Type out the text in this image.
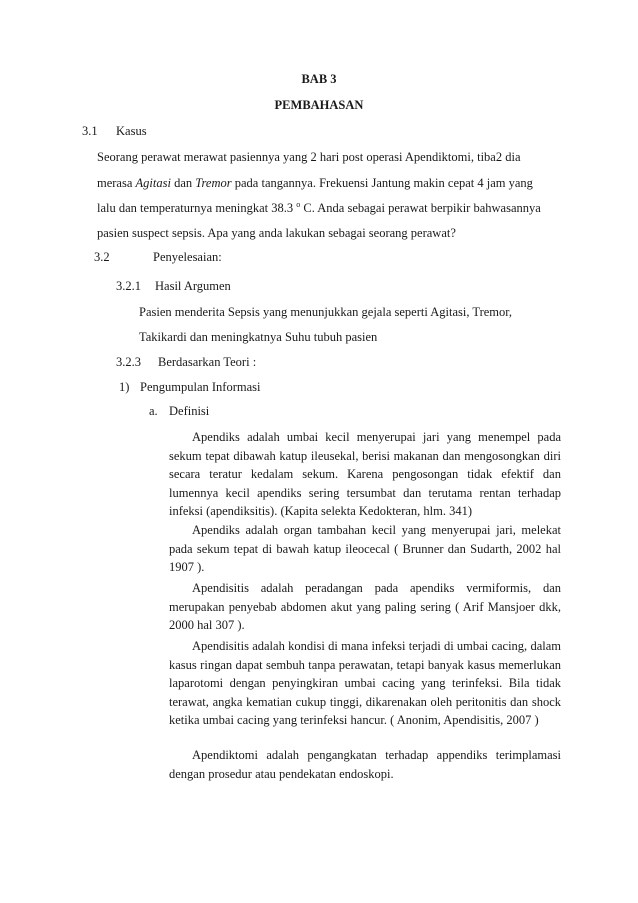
BAB 3
PEMBAHASAN
3.1 Kasus
Seorang perawat merawat pasiennya yang 2 hari post operasi Apendiktomi, tiba2 dia
merasa Agitasi dan Tremor pada tangannya. Frekuensi Jantung makin cepat 4 jam yang
lalu dan temperaturnya meningkat 38.3 $^o$ C. Anda sebagai perawat berpikir bahwasannya
pasien suspect sepsis. Apa yang anda lakukan sebagai seorang perawat?
3.2	Penyelesaian:
3.2.1 Hasil Argumen
Pasien menderita Sepsis yang menunjukkan gejala seperti Agitasi, Tremor,
Takikardi dan meningkatnya Suhu tubuh pasien
3.2.3 Berdasarkan Teori :
1) Pengumpulan Informasi
a. Definisi
Apendiks adalah umbai kecil menyerupai jari yang menempel pada sekum tepat dibawah katup ileusekal, berisi makanan dan mengosongkan diri secara teratur kedalam sekum. Karena pengosongan tidak efektif dan lumennya kecil apendiks sering tersumbat dan terutama rentan terhadap infeksi (apendiksitis). (Kapita selekta Kedokteran, hlm. 341)
Apendiks adalah organ tambahan kecil yang menyerupai jari, melekat pada sekum tepat di bawah katup ileocecal ( Brunner dan Sudarth, 2002 hal 1907 ).
Apendisitis adalah peradangan pada apendiks vermiformis, dan merupakan penyebab abdomen akut yang paling sering ( Arif Mansjoer dkk, 2000 hal 307 ).
Apendisitis adalah kondisi di mana infeksi terjadi di umbai cacing, dalam kasus ringan dapat sembuh tanpa perawatan, tetapi banyak kasus memerlukan laparotomi dengan penyingkiran umbai cacing yang terinfeksi. Bila tidak terawat, angka kematian cukup tinggi, dikarenakan oleh peritonitis dan shock ketika umbai cacing yang terinfeksi hancur. ( Anonim, Apendisitis, 2007 )
Apendiktomi adalah pengangkatan terhadap appendiks terimplamasi dengan prosedur atau pendekatan endoskopi.
